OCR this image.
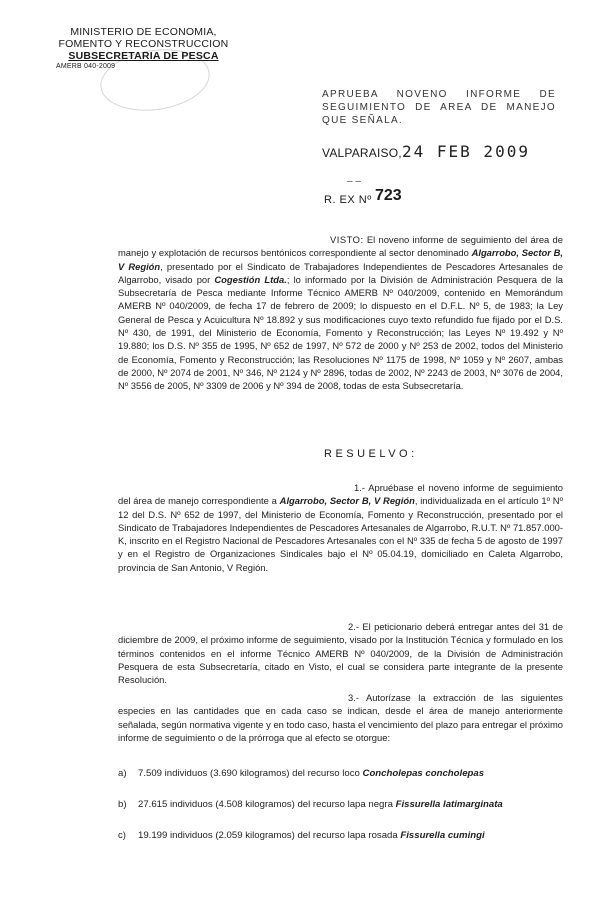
MINISTERIO DE ECONOMIA,
FOMENTO Y RECONSTRUCCION
SUBSECRETARIA DE PESCA
AMERB 040-2009
APRUEBA NOVENO INFORME DE SEGUIMIENTO DE AREA DE MANEJO QUE SEÑALA.
VALPARAISO, 24 FEB 2009
– –
R. EX Nº 723
VISTO: El noveno informe de seguimiento del área de manejo y explotación de recursos bentónicos correspondiente al sector denominado Algarrobo, Sector B, V Región, presentado por el Sindicato de Trabajadores Independientes de Pescadores Artesanales de Algarrobo, visado por Cogestión Ltda.; lo informado por la División de Administración Pesquera de la Subsecretaría de Pesca mediante Informe Técnico AMERB Nº 040/2009, contenido en Memorándum AMERB Nº 040/2009, de fecha 17 de febrero de 2009; lo dispuesto en el D.F.L. Nº 5, de 1983; la Ley General de Pesca y Acuicultura Nº 18.892 y sus modificaciones cuyo texto refundido fue fijado por el D.S. Nº 430, de 1991, del Ministerio de Economía, Fomento y Reconstrucción; las Leyes Nº 19.492 y Nº 19.880; los D.S. Nº 355 de 1995, Nº 652 de 1997, Nº 572 de 2000 y Nº 253 de 2002, todos del Ministerio de Economía, Fomento y Reconstrucción; las Resoluciones Nº 1175 de 1998, Nº 1059 y Nº 2607, ambas de 2000, Nº 2074 de 2001, Nº 346, Nº 2124 y Nº 2896, todas de 2002, Nº 2243 de 2003, Nº 3076 de 2004, Nº 3556 de 2005, Nº 3309 de 2006 y Nº 394 de 2008, todas de esta Subsecretaría.
RESUELVO:
1.- Apruébase el noveno informe de seguimiento del área de manejo correspondiente a Algarrobo, Sector B, V Región, individualizada en el artículo 1º Nº 12 del D.S. Nº 652 de 1997, del Ministerio de Economía, Fomento y Reconstrucción, presentado por el Sindicato de Trabajadores Independientes de Pescadores Artesanales de Algarrobo, R.U.T. Nº 71.857.000-K, inscrito en el Registro Nacional de Pescadores Artesanales con el Nº 335 de fecha 5 de agosto de 1997 y en el Registro de Organizaciones Sindicales bajo el Nº 05.04.19, domiciliado en Caleta Algarrobo, provincia de San Antonio, V Región.
2.- El peticionario deberá entregar antes del 31 de diciembre de 2009, el próximo informe de seguimiento, visado por la Institución Técnica y formulado en los términos contenidos en el informe Técnico AMERB Nº 040/2009, de la División de Administración Pesquera de esta Subsecretaría, citado en Visto, el cual se considera parte integrante de la presente Resolución.
3.- Autorízase la extracción de las siguientes especies en las cantidades que en cada caso se indican, desde el área de manejo anteriormente señalada, según normativa vigente y en todo caso, hasta el vencimiento del plazo para entregar el próximo informe de seguimiento o de la prórroga que al efecto se otorgue:
a) 7.509 individuos (3.690 kilogramos) del recurso loco Concholepas concholepas
b) 27.615 individuos (4.508 kilogramos) del recurso lapa negra Fissurella latimarginata
c) 19.199 individuos (2.059 kilogramos) del recurso lapa rosada Fissurella cumingi
